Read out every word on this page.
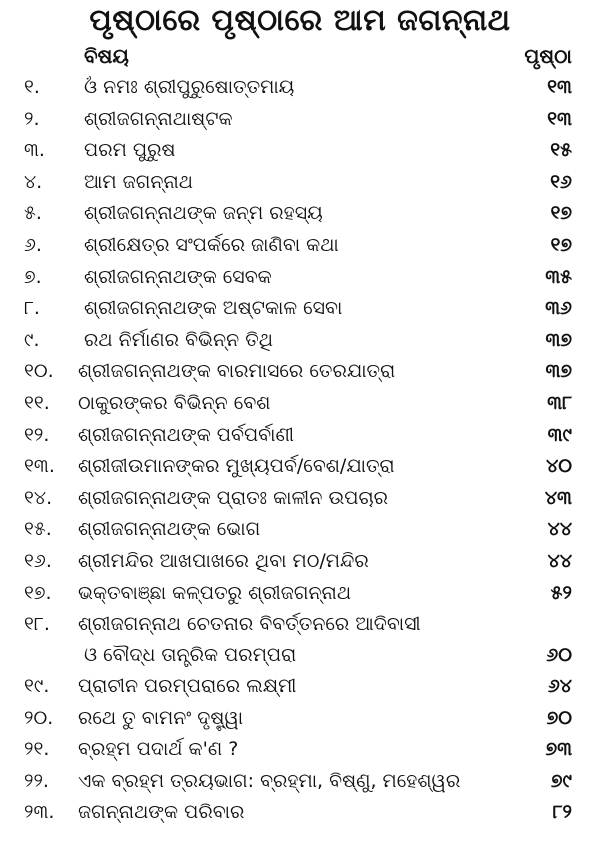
ପୃଷ୍ଠାରେ ପୃଷ୍ଠାରେ ଆମ ଜଗନ୍ନାଥ
ବିଷୟ	ପୃଷ୍ଠା
୧. ଓଁ ନମଃ ଶ୍ରୀପୁରୁଷୋତ୍ତମାୟ	୧୩
୨. ଶ୍ରୀଜଗନ୍ନାଥାଷ୍ଟକ	୧୩
୩. ପରମ ପୁରୁଷ	୧୫
୪. ଆମ ଜଗନ୍ନାଥ	୧୬
୫. ଶ୍ରୀଜଗନ୍ନାଥଙ୍କ ଜନ୍ମ ରହସ୍ୟ	୧୭
୬. ଶ୍ରୀକ୍ଷେତ୍ର ସଂପର୍କରେ ଜାଣିବା କଥା	୧୭
୭. ଶ୍ରୀଜଗନ୍ନାଥଙ୍କ ସେବକ	୩୫
୮. ଶ୍ରୀଜଗନ୍ନାଥଙ୍କ ଅଷ୍ଟକାଳ ସେବା	୩୬
୯. ରଥ ନିର୍ମାଣର ବିଭିନ୍ନ ତିଥି	୩୭
୧୦. ଶ୍ରୀଜଗନ୍ନାଥଙ୍କ ବାରମାସରେ ତେରଯାତ୍ରା	୩୭
୧୧. ଠାକୁରଙ୍କର ବିଭିନ୍ନ ବେଶ	୩୮
୧୨. ଶ୍ରୀଜଗନ୍ନାଥଙ୍କ ପର୍ବପର୍ବାଣୀ	୩୯
୧୩. ଶ୍ରୀଜୀଉମାନଙ୍କର ମୁଖ୍ୟପର୍ବ/ବେଶ/ଯାତ୍ରା	୪୦
୧୪. ଶ୍ରୀଜଗନ୍ନାଥଙ୍କ ପ୍ରାତଃ କାଳୀନ ଉପଚାର	୪୩
୧୫. ଶ୍ରୀଜଗନ୍ନାଥଙ୍କ ଭୋଗ	୪୪
୧୬. ଶ୍ରୀମନ୍ଦିର ଆଖପାଖରେ ଥିବା ମଠ/ମନ୍ଦିର	୪୪
୧୭. ଭକ୍ତବାଞ୍ଛା କଳ୍ପତରୁ ଶ୍ରୀଜଗନ୍ନାଥ	୫୨
୧୮. ଶ୍ରୀଜଗନ୍ନାଥ ଚେତନାର ବିବର୍ତ୍ତନରେ ଆଦିବାସୀ
ଓ ବୌଦ୍ଧ ତାନ୍ତ୍ରିକ ପରମ୍ପରା	୬୦
୧୯. ପ୍ରାଚୀନ ପରମ୍ପରାରେ ଲକ୍ଷ୍ମୀ	୬୪
୨୦. ରଥେ ତୁ ବାମନଂ ଦୃଷ୍ଟ୍ୱା	୭୦
୨୧. ବ୍ରହ୍ମ ପଦାର୍ଥ କ'ଣ ?	୭୩
୨୨. ଏକ ବ୍ରହ୍ମ ତ୍ରୟଭାଗ: ବ୍ରହ୍ମା, ବିଷ୍ଣୁ, ମହେଶ୍ୱର	୭୯
୨୩. ଜଗନ୍ନାଥଙ୍କ ପରିବାର	୮୨
